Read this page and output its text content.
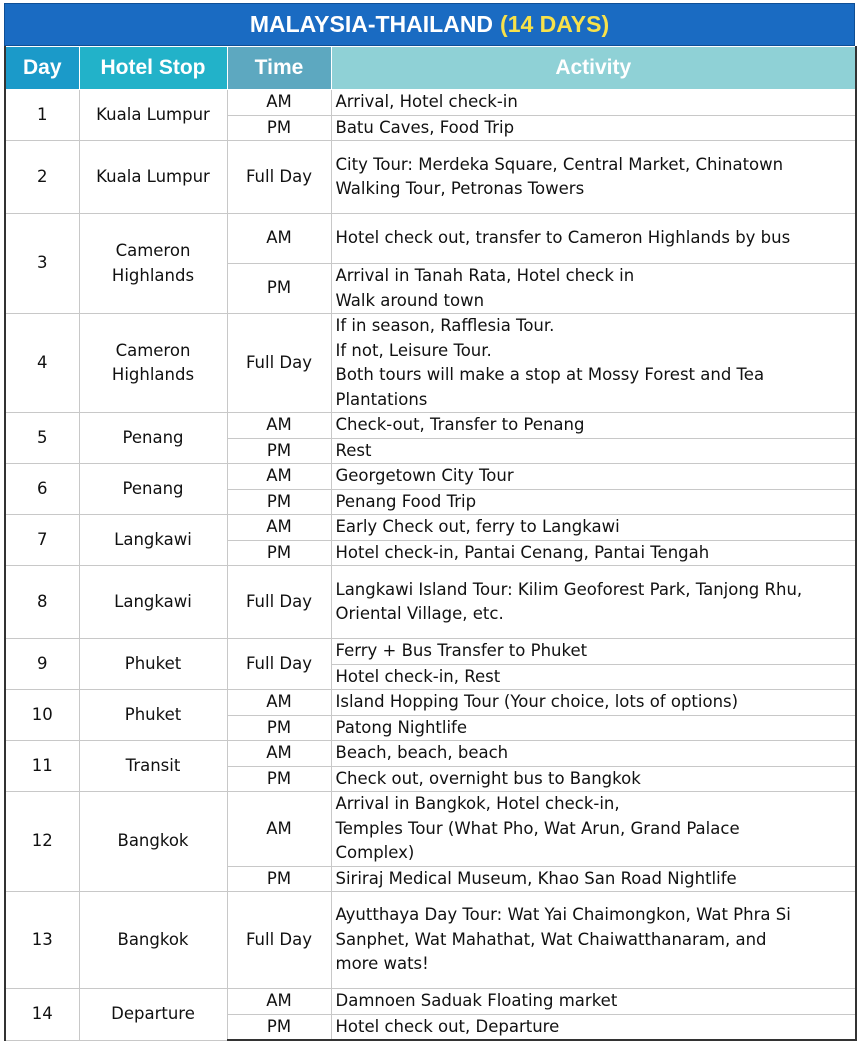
MALAYSIA-THAILAND (14 DAYS)
Day	Hotel Stop	Time	Activity
1	Kuala Lumpur	AM	Arrival, Hotel check-in
		PM	Batu Caves, Food Trip
2	Kuala Lumpur	Full Day	City Tour: Merdeka Square, Central Market, Chinatown
Walking Tour, Petronas Towers
3	Cameron
Highlands	AM	Hotel check out, transfer to Cameron Highlands by bus
		PM	Arrival in Tanah Rata, Hotel check in
Walk around town
4	Cameron
Highlands	Full Day	If in season, Rafflesia Tour.
If not, Leisure Tour.
Both tours will make a stop at Mossy Forest and Tea
Plantations
5	Penang	AM	Check-out, Transfer to Penang
		PM	Rest
6	Penang	AM	Georgetown City Tour
		PM	Penang Food Trip
7	Langkawi	AM	Early Check out, ferry to Langkawi
		PM	Hotel check-in, Pantai Cenang, Pantai Tengah
8	Langkawi	Full Day	Langkawi Island Tour: Kilim Geoforest Park, Tanjong Rhu,
Oriental Village, etc.
9	Phuket	Full Day	Ferry + Bus Transfer to Phuket
			Hotel check-in, Rest
10	Phuket	AM	Island Hopping Tour (Your choice, lots of options)
		PM	Patong Nightlife
11	Transit	AM	Beach, beach, beach
		PM	Check out, overnight bus to Bangkok
12	Bangkok	AM	Arrival in Bangkok, Hotel check-in,
Temples Tour (What Pho, Wat Arun, Grand Palace
Complex)
		PM	Siriraj Medical Museum, Khao San Road Nightlife
13	Bangkok	Full Day	Ayutthaya Day Tour: Wat Yai Chaimongkon, Wat Phra Si
Sanphet, Wat Mahathat, Wat Chaiwatthanaram, and
more wats!
14	Departure	AM	Damnoen Saduak Floating market
		PM	Hotel check out, Departure
